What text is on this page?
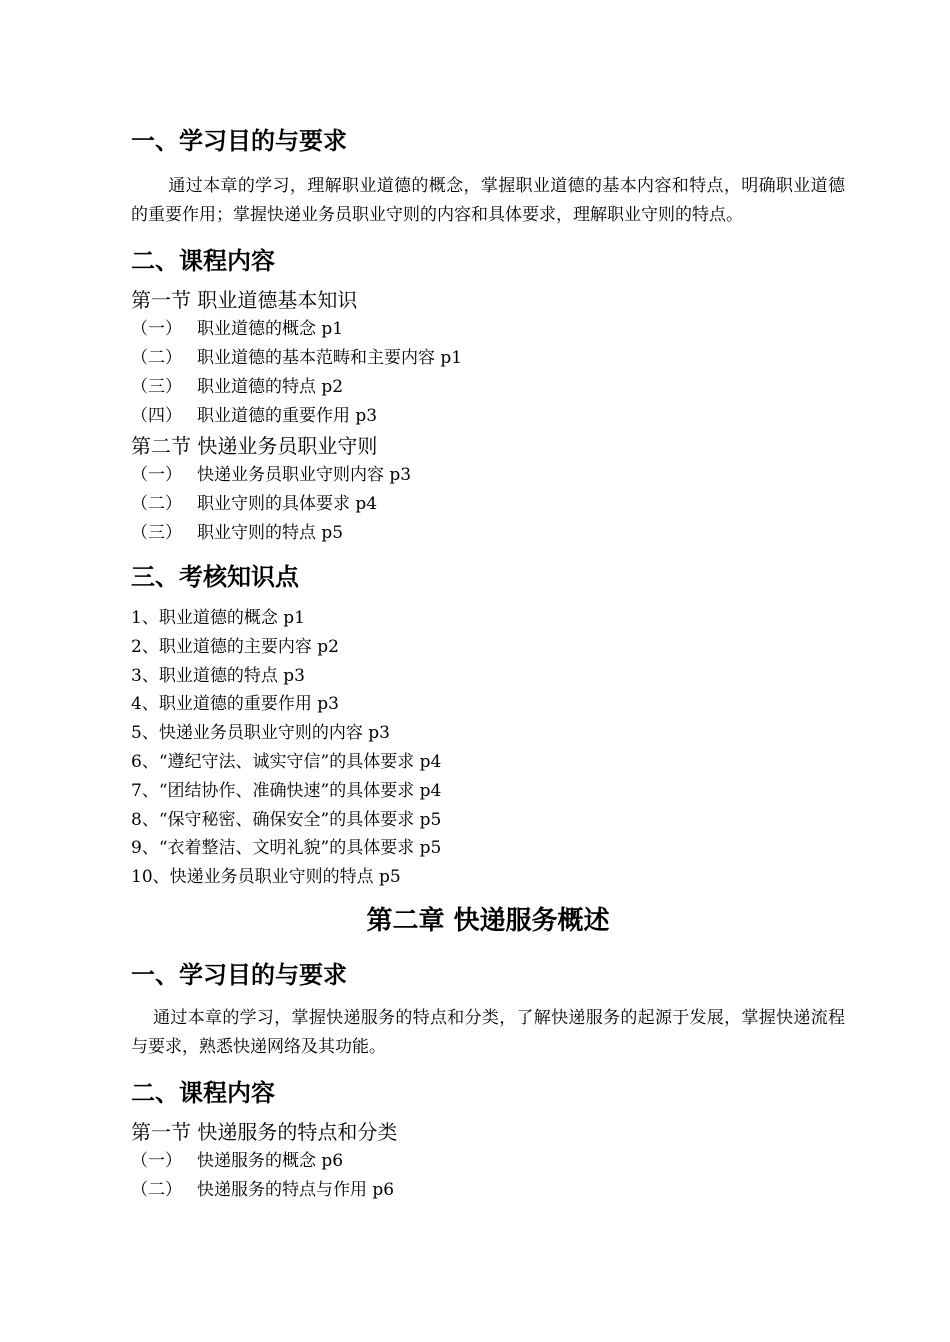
一、学习目的与要求

通过本章的学习，理解职业道德的概念，掌握职业道德的基本内容和特点，明确职业道德的重要作用；掌握快递业务员职业守则的内容和具体要求，理解职业守则的特点。

二、课程内容

第一节 职业道德基本知识

（一） 职业道德的概念 p1

（二） 职业道德的基本范畴和主要内容 p1

（三） 职业道德的特点 p2

（四） 职业道德的重要作用 p3

第二节 快递业务员职业守则

（一） 快递业务员职业守则内容 p3

（二） 职业守则的具体要求 p4

（三） 职业守则的特点 p5

三、考核知识点

1、职业道德的概念 p1

2、职业道德的主要内容 p2

3、职业道德的特点 p3

4、职业道德的重要作用 p3

5、快递业务员职业守则的内容 p3

6、“遵纪守法、诚实守信”的具体要求 p4

7、“团结协作、准确快速”的具体要求 p4

8、“保守秘密、确保安全”的具体要求 p5

9、“衣着整洁、文明礼貌”的具体要求 p5

10、快递业务员职业守则的特点 p5

第二章 快递服务概述
一、学习目的与要求

通过本章的学习，掌握快递服务的特点和分类，了解快递服务的起源于发展，掌握快递流程与要求，熟悉快递网络及其功能。

二、课程内容

第一节 快递服务的特点和分类

（一） 快递服务的概念 p6

（二） 快递服务的特点与作用 p6
